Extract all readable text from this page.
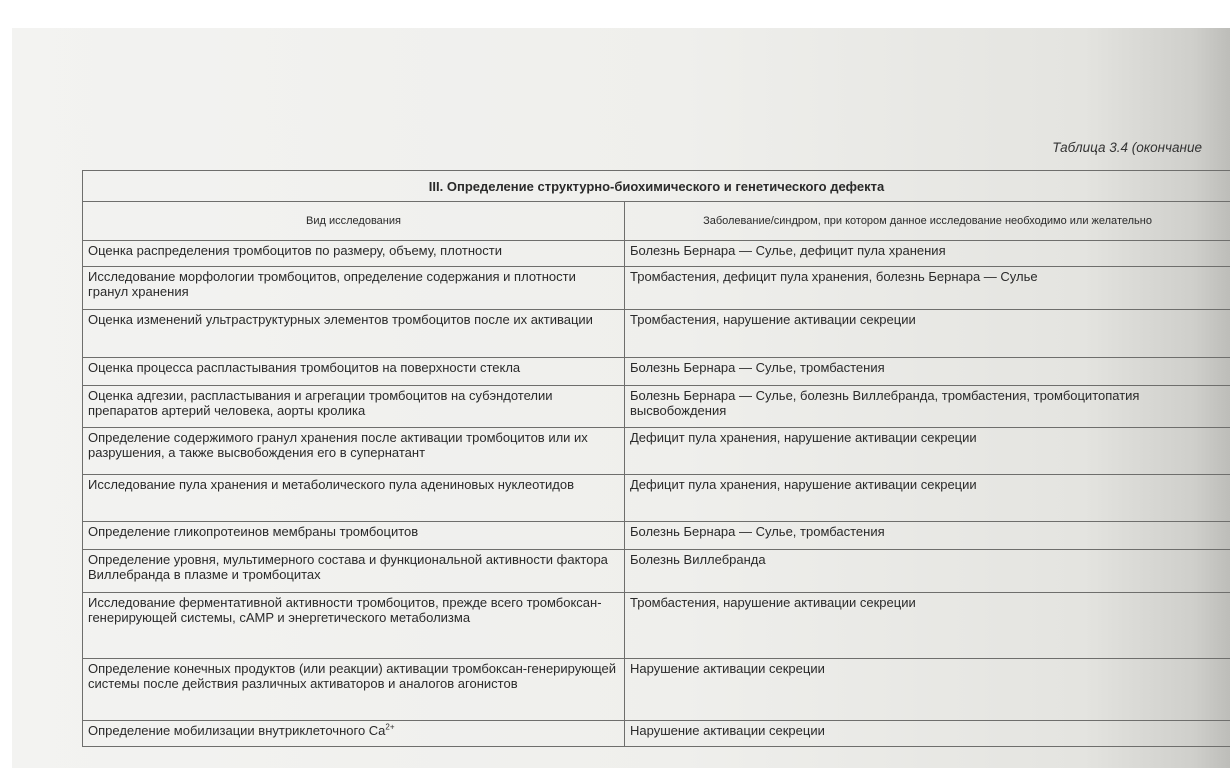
Таблица 3.4 (окончание
III. Определение структурно-биохимического и генетического дефекта	
Вид исследования	Заболевание/синдром, при котором данное исследование необходимо или желательно
Оценка распределения тромбоцитов по размеру, объему, плотности	Болезнь Бернара — Сулье, дефицит пула хранения
Исследование морфологии тромбоцитов, определение содержания и плотности гранул хранения	Тромбастения, дефицит пула хранения, болезнь Бернара — Сулье
Оценка изменений ультраструктурных элементов тромбоцитов после их активации	Тромбастения, нарушение активации секреции
Оценка процесса распластывания тромбоцитов на поверхности стекла	Болезнь Бернара — Сулье, тромбастения
Оценка адгезии, распластывания и агрегации тромбоцитов на субэндотелии препаратов артерий человека, аорты кролика	Болезнь Бернара — Сулье, болезнь Виллебранда, тромбастения, тромбоцитопатия высвобождения
Определение содержимого гранул хранения после активации тромбоцитов или их разрушения, а также высвобождения его в супернатант	Дефицит пула хранения, нарушение активации секреции
Исследование пула хранения и метаболического пула адениновых нуклеотидов	Дефицит пула хранения, нарушение активации секреции
Определение гликопротеинов мембраны тромбоцитов	Болезнь Бернара — Сулье, тромбастения
Определение уровня, мультимерного состава и функциональной активности фактора Виллебранда в плазме и тромбоцитах	Болезнь Виллебранда
Исследование ферментативной активности тромбоцитов, прежде всего тромбоксан-генерирующей системы, cAMP и энергетического метаболизма	Тромбастения, нарушение активации секреции
Определение конечных продуктов (или реакции) активации тромбоксан-генерирующей системы после действия различных активаторов и аналогов агонистов	Нарушение активации секреции
Определение мобилизации внутриклеточного $Ca^{2+}$	Нарушение активации секреции
